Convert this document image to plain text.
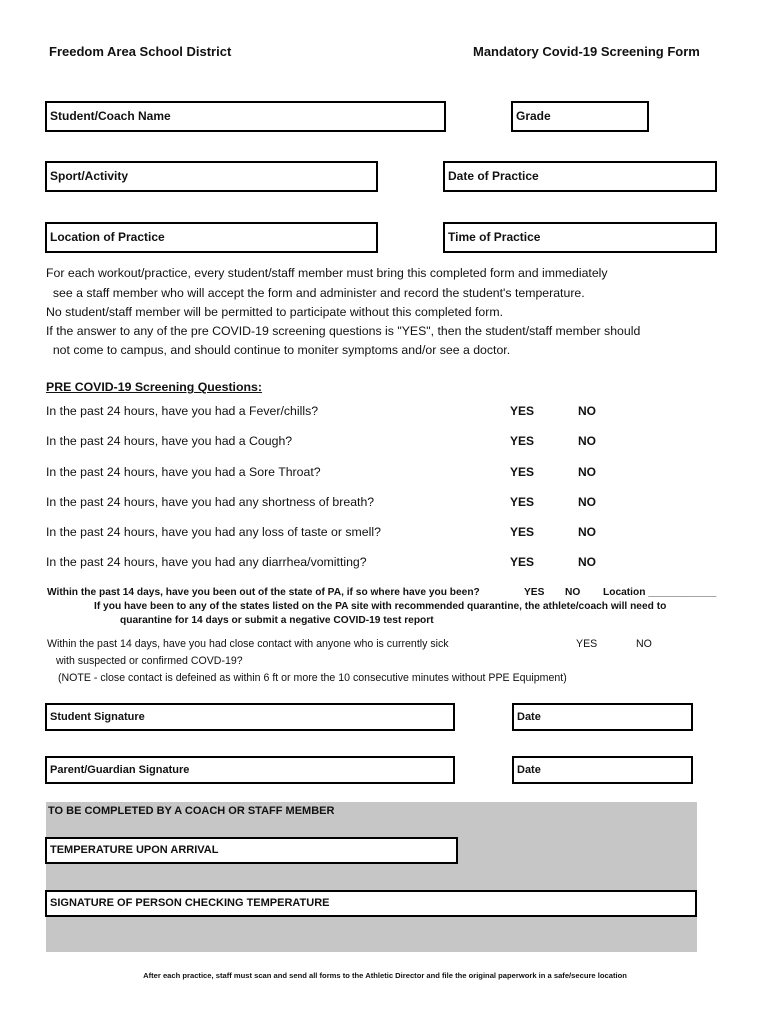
Freedom Area School District	Mandatory Covid-19 Screening Form
Student/Coach Name	Grade
Sport/Activity	Date of Practice
Location of Practice	Time of Practice
For each workout/practice, every student/staff member must bring this completed form and immediately
see a staff member who will accept the form and administer and record the student's temperature.
No student/staff member will be permitted to participate without this completed form.
If the answer to any of the pre COVID-19 screening questions is "YES", then the student/staff member should
not come to campus, and should continue to moniter symptoms and/or see a doctor.
PRE COVID-19 Screening Questions:
In the past 24 hours, have you had a Fever/chills?	YES	NO
In the past 24 hours, have you had a Cough?	YES	NO
In the past 24 hours, have you had a Sore Throat?	YES	NO
In the past 24 hours, have you had any shortness of breath?	YES	NO
In the past 24 hours, have you had any loss of taste or smell?	YES	NO
In the past 24 hours, have you had any diarrhea/vomitting?	YES	NO
Within the past 14 days, have you been out of the state of PA, if so where have you been?	YES NO Location ____________
If you have been to any of the states listed on the PA site with recommended quarantine, the athlete/coach will need to
quarantine for 14 days or submit a negative COVID-19 test report
Within the past 14 days, have you had close contact with anyone who is currently sick	YES	NO
with suspected or confirmed COVD-19?
(NOTE - close contact is defeined as within 6 ft or more the 10 consecutive minutes without PPE Equipment)
Student Signature	Date
Parent/Guardian Signature	Date
TO BE COMPLETED BY A COACH OR STAFF MEMBER
TEMPERATURE UPON ARRIVAL
SIGNATURE OF PERSON CHECKING TEMPERATURE
After each practice, staff must scan and send all forms to the Athletic Director and file the original paperwork in a safe/secure location
